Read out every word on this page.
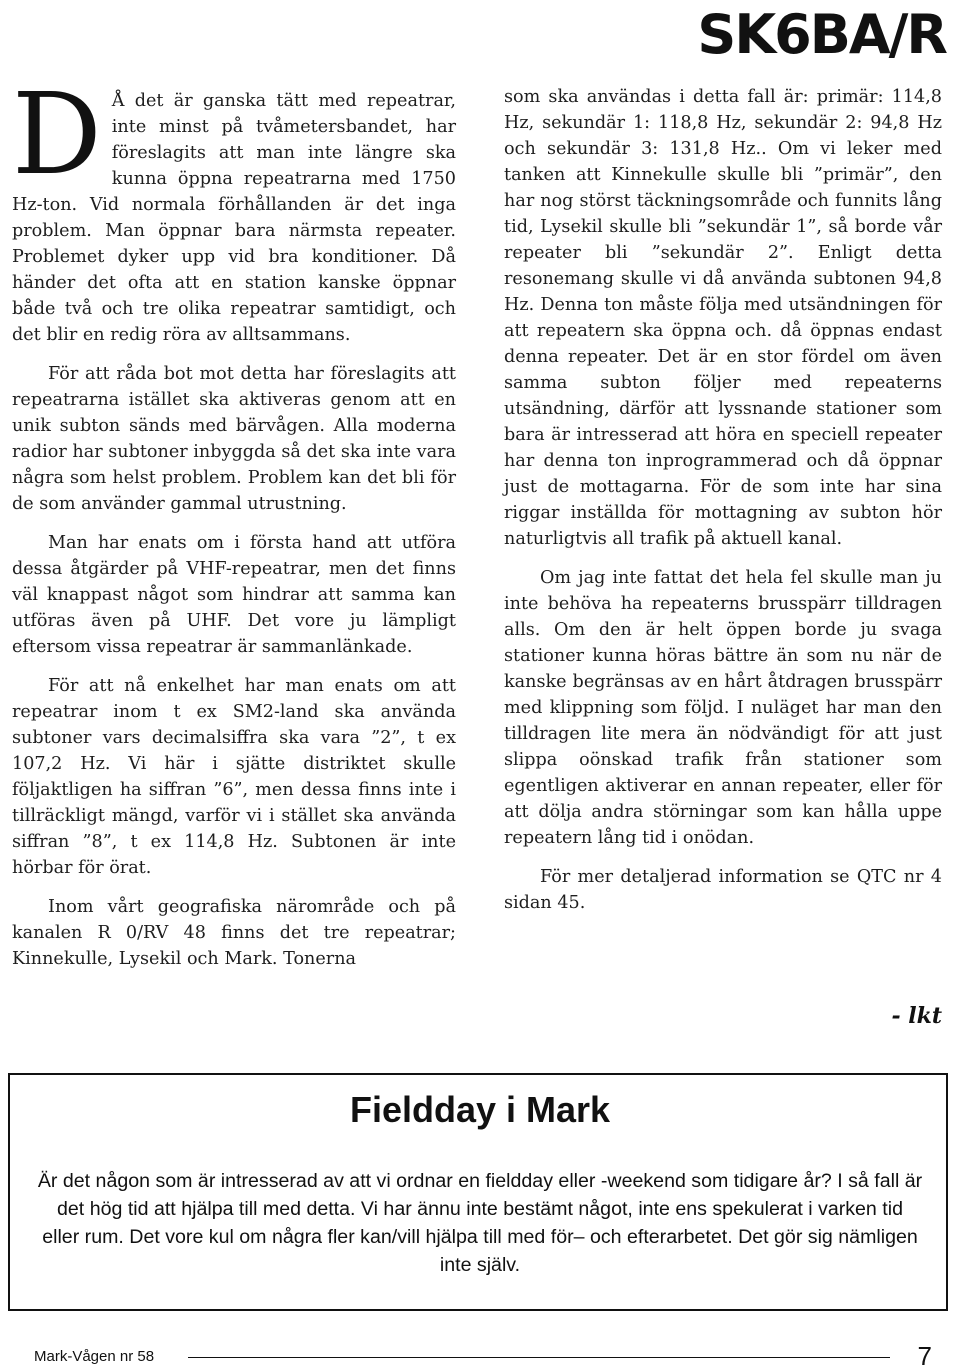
SK6BA/R

D Å det är ganska tätt med repeatrar, inte minst på tvåmetersbandet, har föreslagits att man inte längre ska kunna öppna repeatrarna med 1750 Hz-ton. Vid normala förhållanden är det inga problem. Man öppnar bara närmsta repeater. Problemet dyker upp vid bra konditioner. Då händer det ofta att en station kanske öppnar både två och tre olika repeatrar samtidigt, och det blir en redig röra av alltsammans.

För att råda bot mot detta har föreslagits att repeatrarna istället ska aktiveras genom att en unik subton sänds med bärvågen. Alla moderna radior har subtoner inbyggda så det ska inte vara några som helst problem. Problem kan det bli för de som använder gammal utrustning.

Man har enats om i första hand att utföra dessa åtgärder på VHF-repeatrar, men det finns väl knappast något som hindrar att samma kan utföras även på UHF. Det vore ju lämpligt eftersom vissa repeatrar är sammanlänkade.

För att nå enkelhet har man enats om att repeatrar inom t ex SM2-land ska använda subtoner vars decimalsiffra ska vara ”2”, t ex 107,2 Hz. Vi här i sjätte distriktet skulle följaktligen ha siffran ”6”, men dessa finns inte i tillräckligt mängd, varför vi i stället ska använda siffran ”8”, t ex 114,8 Hz. Subtonen är inte hörbar för örat.

Inom vårt geografiska närområde och på kanalen R 0/RV 48 finns det tre repeatrar; Kinnekulle, Lysekil och Mark. Tonerna

som ska användas i detta fall är: primär: 114,8 Hz, sekundär 1: 118,8 Hz, sekundär 2: 94,8 Hz och sekundär 3: 131,8 Hz.. Om vi leker med tanken att Kinnekulle skulle bli ”primär”, den har nog störst täckningsområde och funnits lång tid, Lysekil skulle bli ”sekundär 1”, så borde vår repeater bli ”sekundär 2”. Enligt detta resonemang skulle vi då använda subtonen 94,8 Hz. Denna ton måste följa med utsändningen för att repeatern ska öppna och. då öppnas endast denna repeater. Det är en stor fördel om även samma subton följer med repeaterns utsändning, därför att lyssnande stationer som bara är intresserad att höra en speciell repeater har denna ton inprogrammerad och då öppnar just de mottagarna. För de som inte har sina riggar inställda för mottagning av subton hör naturligtvis all trafik på aktuell kanal.

Om jag inte fattat det hela fel skulle man ju inte behöva ha repeaterns brusspärr tilldragen alls. Om den är helt öppen borde ju svaga stationer kunna höras bättre än som nu när de kanske begränsas av en hårt åtdragen brusspärr med klippning som följd. I nuläget har man den tilldragen lite mera än nödvändigt för att just slippa oönskad trafik från stationer som egentligen aktiverar en annan repeater, eller för att dölja andra störningar som kan hålla uppe repeatern lång tid i onödan.

För mer detaljerad information se QTC nr 4 sidan 45.

- lkt
Fieldday i Mark
Är det någon som är intresserad av att vi ordnar en fieldday eller -weekend som tidigare år? I så fall är det hög tid att hjälpa till med detta. Vi har ännu inte bestämt något, inte ens spekulerat i varken tid eller rum. Det vore kul om några fler kan/vill hjälpa till med för– och efterarbetet. Det gör sig nämligen inte själv.
Mark-Vågen nr 58	7
